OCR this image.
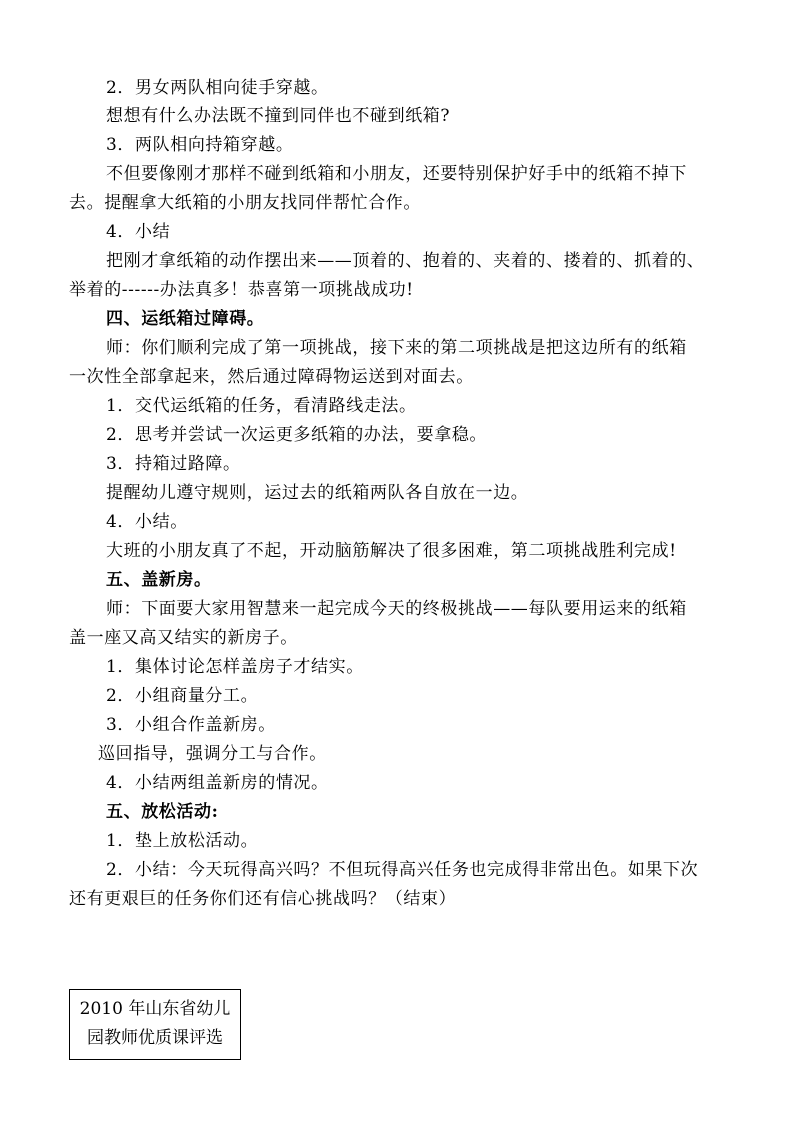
2．男女两队相向徒手穿越。
想想有什么办法既不撞到同伴也不碰到纸箱?
3．两队相向持箱穿越。
不但要像刚才那样不碰到纸箱和小朋友，还要特别保护好手中的纸箱不掉下
去。提醒拿大纸箱的小朋友找同伴帮忙合作。
4．小结
把刚才拿纸箱的动作摆出来——顶着的、抱着的、夹着的、搂着的、抓着的、
举着的------办法真多！恭喜第一项挑战成功!
四、运纸箱过障碍。
师：你们顺利完成了第一项挑战，接下来的第二项挑战是把这边所有的纸箱
一次性全部拿起来，然后通过障碍物运送到对面去。
1．交代运纸箱的任务，看清路线走法。
2．思考并尝试一次运更多纸箱的办法，要拿稳。
3．持箱过路障。
提醒幼儿遵守规则，运过去的纸箱两队各自放在一边。
4．小结。
大班的小朋友真了不起，开动脑筋解决了很多困难，第二项挑战胜利完成!
五、盖新房。
师：下面要大家用智慧来一起完成今天的终极挑战——每队要用运来的纸箱
盖一座又高又结实的新房子。
1．集体讨论怎样盖房子才结实。
2．小组商量分工。
3．小组合作盖新房。
巡回指导，强调分工与合作。
4．小结两组盖新房的情况。
五、放松活动:
1．垫上放松活动。
2．小结：今天玩得高兴吗？不但玩得高兴任务也完成得非常出色。如果下次
还有更艰巨的任务你们还有信心挑战吗？（结束）
2010 年山东省幼儿
园教师优质课评选
